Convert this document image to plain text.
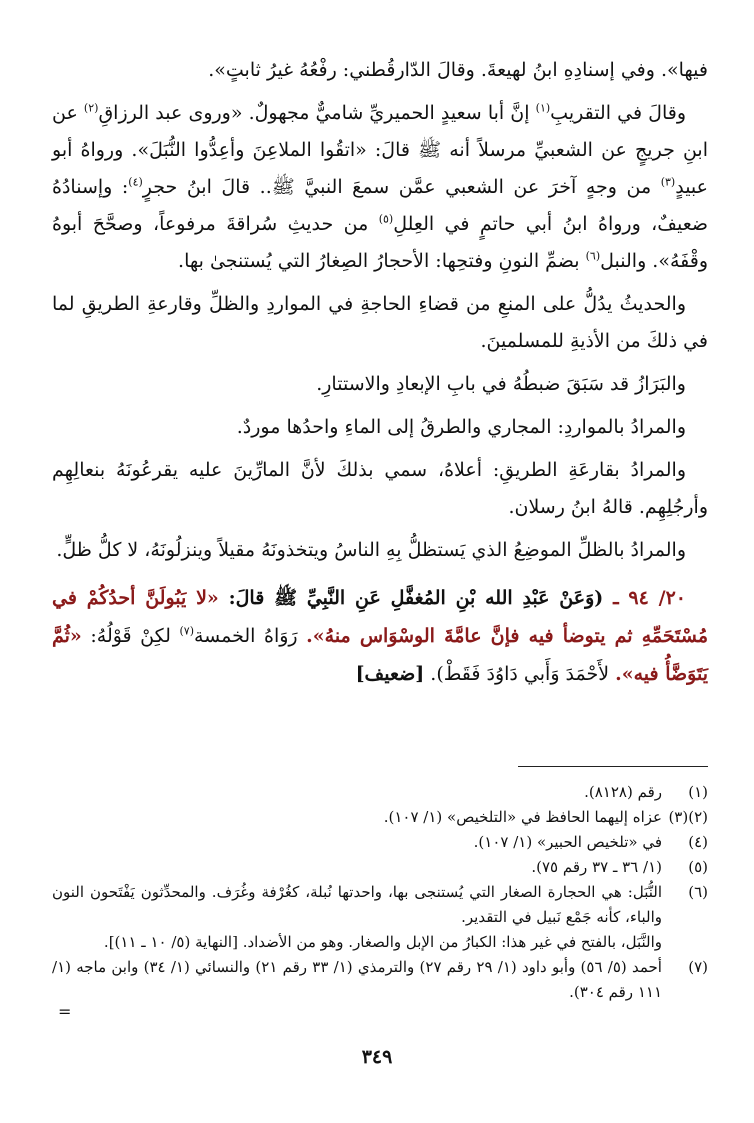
فيها». وفي إسنادِهِ ابنُ لهيعةَ. وقالَ الدّارقُطني: رفْعُهُ غيرُ ثابتٍ».

وقالَ في التقريبِ$^{(١)}$ إنَّ أبا سعيدٍ الحميريِّ شاميٌّ مجهولٌ. «وروى عبد الرزاقِ$^{(٢)}$ عن ابنِ جريجٍ عن الشعبيِّ مرسلاً أنه ﷺ قالَ: «اتقُوا الملاعِنَ وأعِدُّوا النُّبَلَ». ورواهُ أبو عبيدٍ$^{(٣)}$ من وجهٍ آخرَ عن الشعبي عمَّن سمعَ النبيَّ ﷺ.. قالَ ابنُ حجرٍ$^{(٤)}$: وإسنادُهُ ضعيفٌ، ورواهُ ابنُ أبي حاتمٍ في العِللِ$^{(٥)}$ من حديثِ سُراقةَ مرفوعاً، وصحَّحَ أبوهُ وقْفَهُ». والنبل$^{(٦)}$ بضمِّ النونِ وفتحِها: الأحجارُ الصِغارُ التي يُستنجىٰ بها.

والحديثُ يدُلُّ على المنعِ من قضاءِ الحاجةِ في المواردِ والظلِّ وقارعةِ الطريقِ لما في ذلكَ من الأذيةِ للمسلمينَ.

والبَرَازُ قد سَبَقَ ضبطُهُ في بابِ الإبعادِ والاستتارِ.

والمرادُ بالمواردِ: المجاري والطرقُ إلى الماءِ واحدُها موردٌ.

والمرادُ بقارعَةِ الطريقِ: أعلاهُ، سمي بذلكَ لأنَّ المارِّينَ عليه يقرعُونَهُ بنعالِهِم وأرجُلِهِم. قالهُ ابنُ رسلان.

والمرادُ بالظلِّ الموضِعُ الذي يَستظلُّ بِهِ الناسُ ويتخذونَهُ مقيلاً وينزلُونَهُ، لا كلُّ ظلٍّ.

٢٠/ ٩٤ ـ (وَعَنْ عَبْدِ الله بْنِ المُغفَّلِ عَنِ النَّبِيِّ ﷺ قالَ: «لا يَبُولَنَّ أحدُكُمْ في مُسْتَحَمِّهِ ثم يتوضأ فيه فإنَّ عامَّةَ الوسْوَاس منهُ». رَوَاهُ الخمسة$^{(٧)}$ لكِنْ قَوْلُهُ: «ثُمَّ يَتَوَضَّأُ فيه». لأَحْمَدَ وَأَبي دَاوُدَ فَقَطْ). [ضعيف]

(١)
رقم (٨١٢٨).

(٢)(٣)
عزاه إليهما الحافظ في «التلخيص» (١/ ١٠٧).

(٤)
في «تلخيص الحبير» (١/ ١٠٧).

(٥)
(١/ ٣٦ ـ ٣٧ رقم ٧٥).

(٦)
النُّبَل: هي الحجارة الصغار التي يُستنجى بها، واحدتها نُبلة، كغُرْفة وغُرَف. والمحدِّثون يَفْتَحون النون والباء، كأنه جَمْع نَبيل في التقدير.

والنَّبَل، بالفتح في غير هذا: الكبارُ من الإبل والصغار. وهو من الأضداد. [النهاية (٥/ ١٠ ـ ١١)].

(٧)
أحمد (٥/ ٥٦) وأبو داود (١/ ٢٩ رقم ٢٧) والترمذي (١/ ٣٣ رقم ٢١) والنسائي (١/ ٣٤) وابن ماجه (١/ ١١١ رقم ٣٠٤).

=
٣٤٩
